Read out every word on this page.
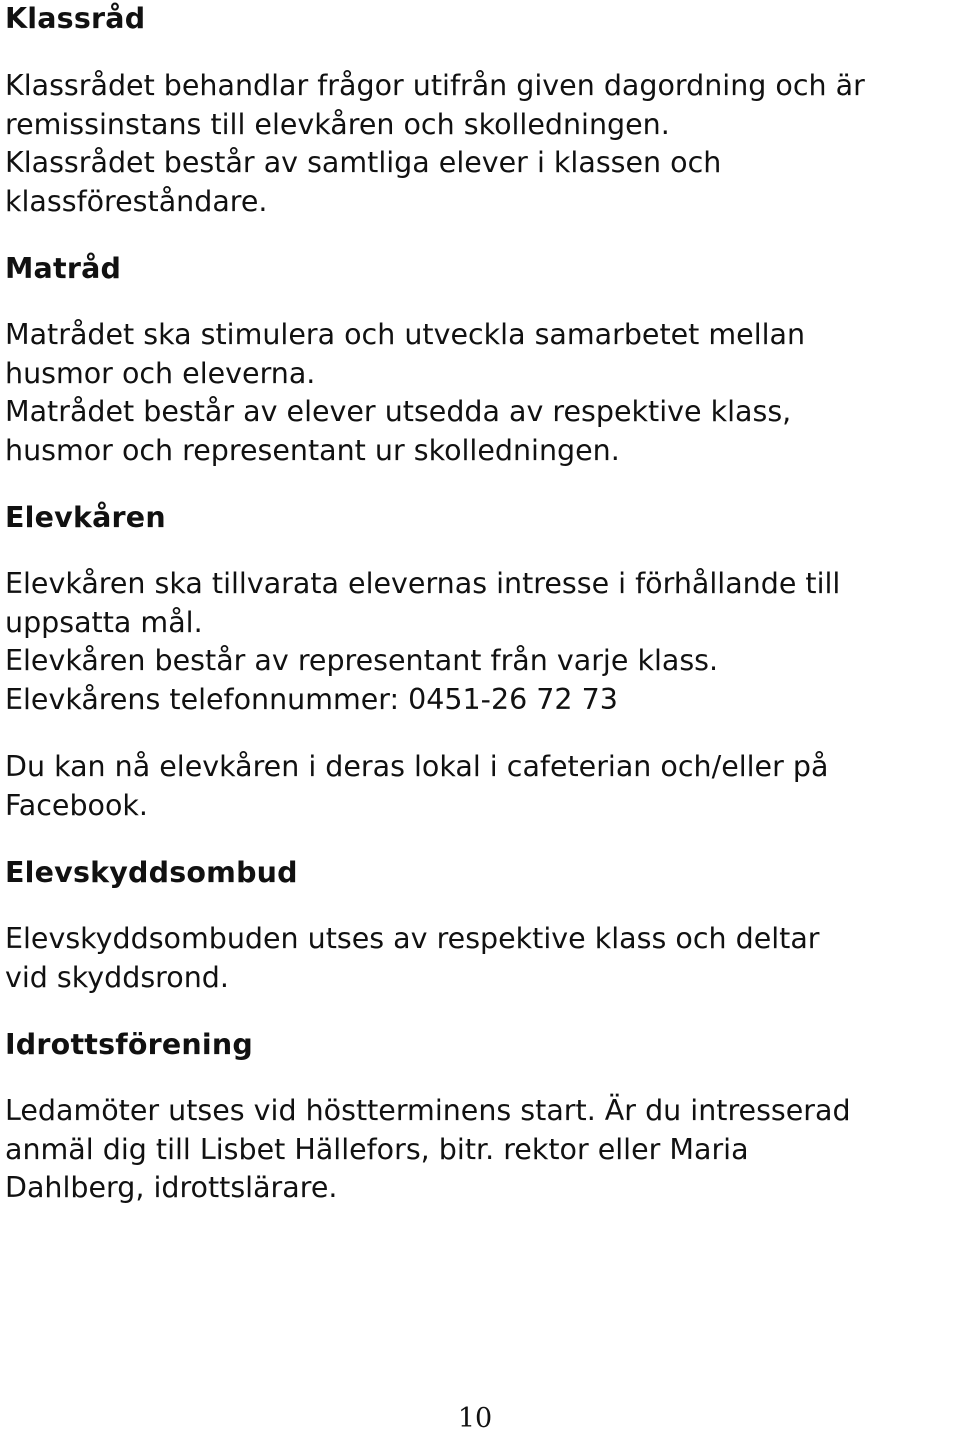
Klassråd
Klassrådet behandlar frågor utifrån given dagordning och är
remissinstans till elevkåren och skolledningen.
Klassrådet består av samtliga elever i klassen och
klassföreståndare.
Matråd
Matrådet ska stimulera och utveckla samarbetet mellan
husmor och eleverna.
Matrådet består av elever utsedda av respektive klass,
husmor och representant ur skolledningen.
Elevkåren
Elevkåren ska tillvarata elevernas intresse i förhållande till
uppsatta mål.
Elevkåren består av representant från varje klass.
Elevkårens telefonnummer: 0451-26 72 73
Du kan nå elevkåren i deras lokal i cafeterian och/eller på
Facebook.
Elevskyddsombud
Elevskyddsombuden utses av respektive klass och deltar
vid skyddsrond.
Idrottsförening
Ledamöter utses vid höstterminens start. Är du intresserad
anmäl dig till Lisbet Hällefors, bitr. rektor eller Maria
Dahlberg, idrottslärare.
10
